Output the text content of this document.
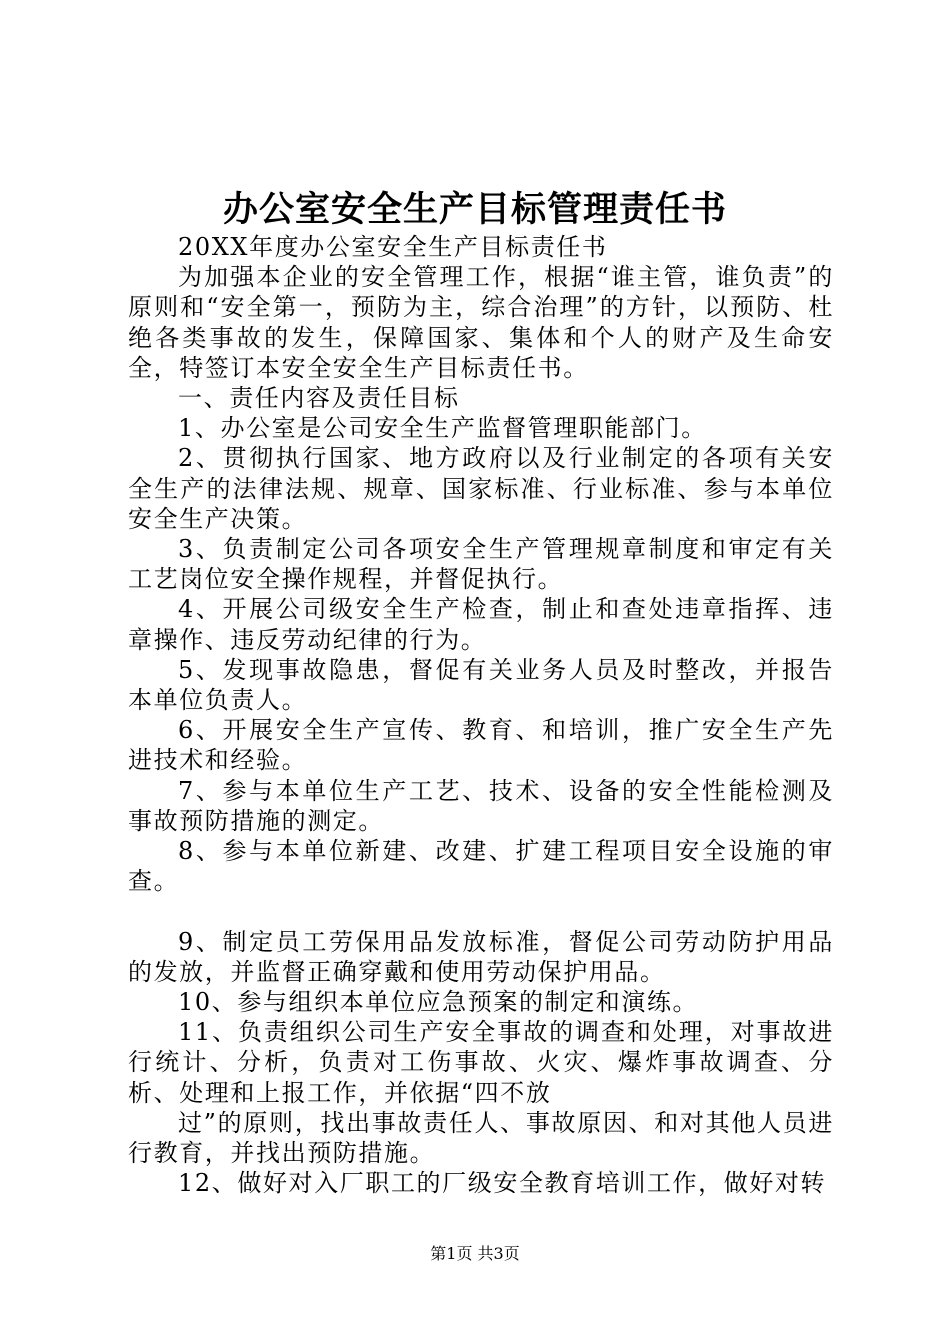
办公室安全生产目标管理责任书

20XX年度办公室安全生产目标责任书

为加强本企业的安全管理工作，根据“谁主管，谁负责”的原则和“安全第一，预防为主，综合治理”的方针，以预防、杜绝各类事故的发生，保障国家、集体和个人的财产及生命安全，特签订本安全安全生产目标责任书。

一、责任内容及责任目标

1、办公室是公司安全生产监督管理职能部门。

2、贯彻执行国家、地方政府以及行业制定的各项有关安全生产的法律法规、规章、国家标准、行业标准、参与本单位安全生产决策。

3、负责制定公司各项安全生产管理规章制度和审定有关工艺岗位安全操作规程，并督促执行。

4、开展公司级安全生产检查，制止和查处违章指挥、违章操作、违反劳动纪律的行为。

5、发现事故隐患，督促有关业务人员及时整改，并报告本单位负责人。

6、开展安全生产宣传、教育、和培训，推广安全生产先进技术和经验。

7、参与本单位生产工艺、技术、设备的安全性能检测及事故预防措施的测定。

8、参与本单位新建、改建、扩建工程项目安全设施的审查。

9、制定员工劳保用品发放标准，督促公司劳动防护用品的发放，并监督正确穿戴和使用劳动保护用品。

10、参与组织本单位应急预案的制定和演练。

11、负责组织公司生产安全事故的调查和处理，对事故进行统计、分析，负责对工伤事故、火灾、爆炸事故调查、分析、处理和上报工作，并依据“四不放

过”的原则，找出事故责任人、事故原因、和对其他人员进行教育，并找出预防措施。

12、做好对入厂职工的厂级安全教育培训工作，做好对转

第1页 共3页
